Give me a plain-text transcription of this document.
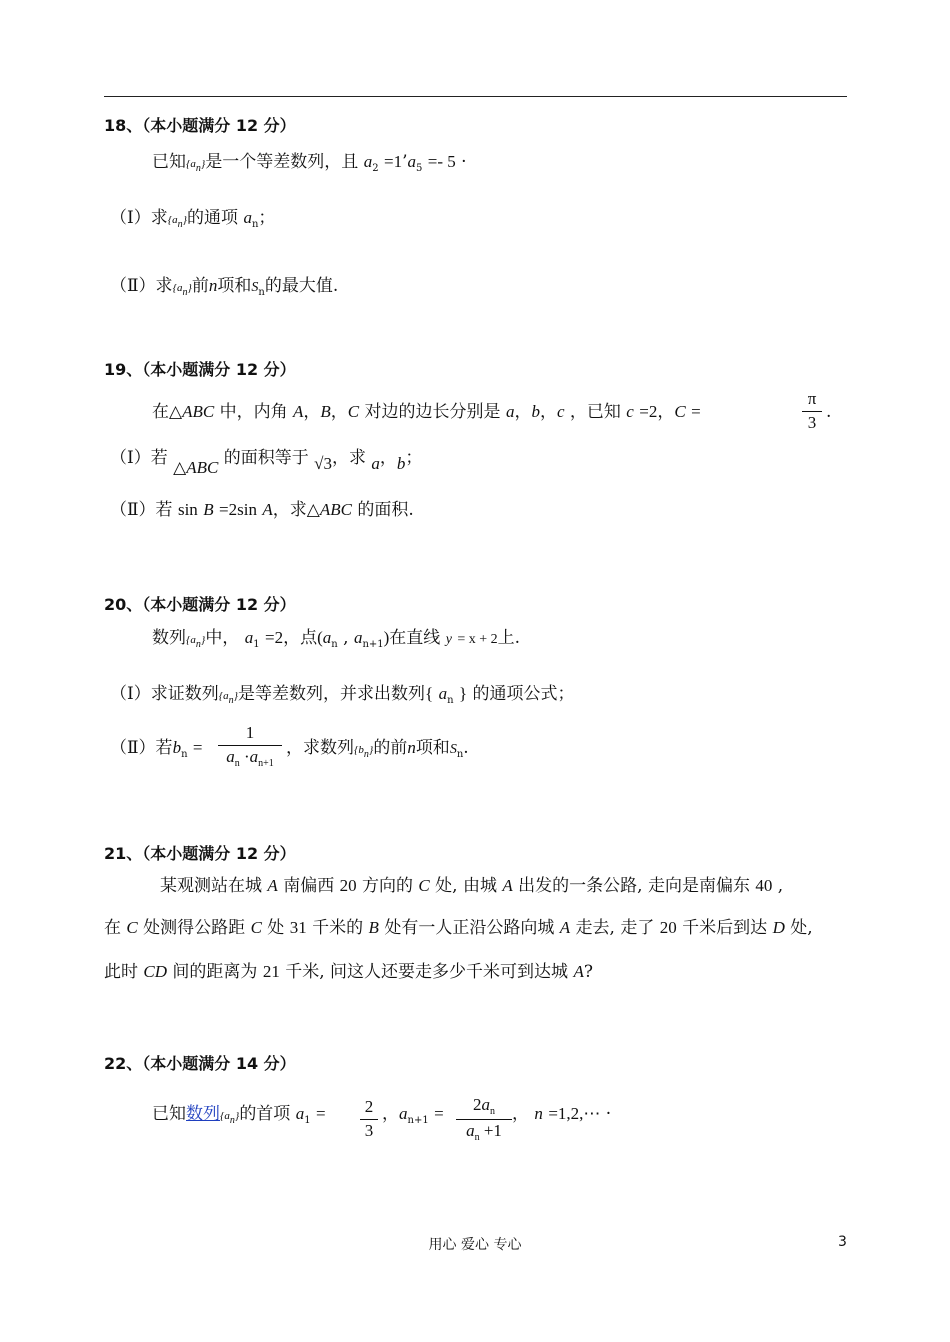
18、（本小题满分 12 分）
已知$\{a_n\}$是一个等差数列，且 $a_2$ $=1’a_5 =- 5$ ·
（Ⅰ）求$\{a_n\}$的通项 $a_n$；
（Ⅱ）求$\{a_n\}$前n项和$S_n$的最大值.
19、（本小题满分 12 分）
在△ABC 中，内角 A，B，C 对边的边长分别是 a，b，c ，已知 c =2，C =
π
3
.
（Ⅰ）若 △ABC 的面积等于 √3，求 a，b；
（Ⅱ）若 sin B =2sin A，求△ABC 的面积.
20、（本小题满分 12 分）
数列$\{a_n\}$中， $a_1 =2$，点($a_n$ , $a_{n+1}$)在直线 y = x + 2上.
（Ⅰ）求证数列$\{a_n\}$是等差数列，并求出数列{ $a_n$ } 的通项公式；
（Ⅱ）若$b_n$ =
1
$a_n \cdot a_{n+1}$
，求数列$\{b_n\}$的前n项和$S_n$.
21、（本小题满分 12 分）
某观测站在城 A 南偏西 20 方向的 C 处, 由城 A 出发的一条公路, 走向是南偏东 40 ,
在 C 处测得公路距 C 处 31 千米的 B 处有一人正沿公路向城 A 走去, 走了 20 千米后到达 D 处,
此时 CD 间的距离为 21 千米, 问这人还要走多少千米可到达城 A?
22、（本小题满分 14 分）
已知数列$\{a_n\}$的首项 $a_1 = 2$
3
，$a_{n+1}$ =	$2a_n$
$a_n +1$
， n =1,2,⋯ ·
用心 爱心 专心	3
